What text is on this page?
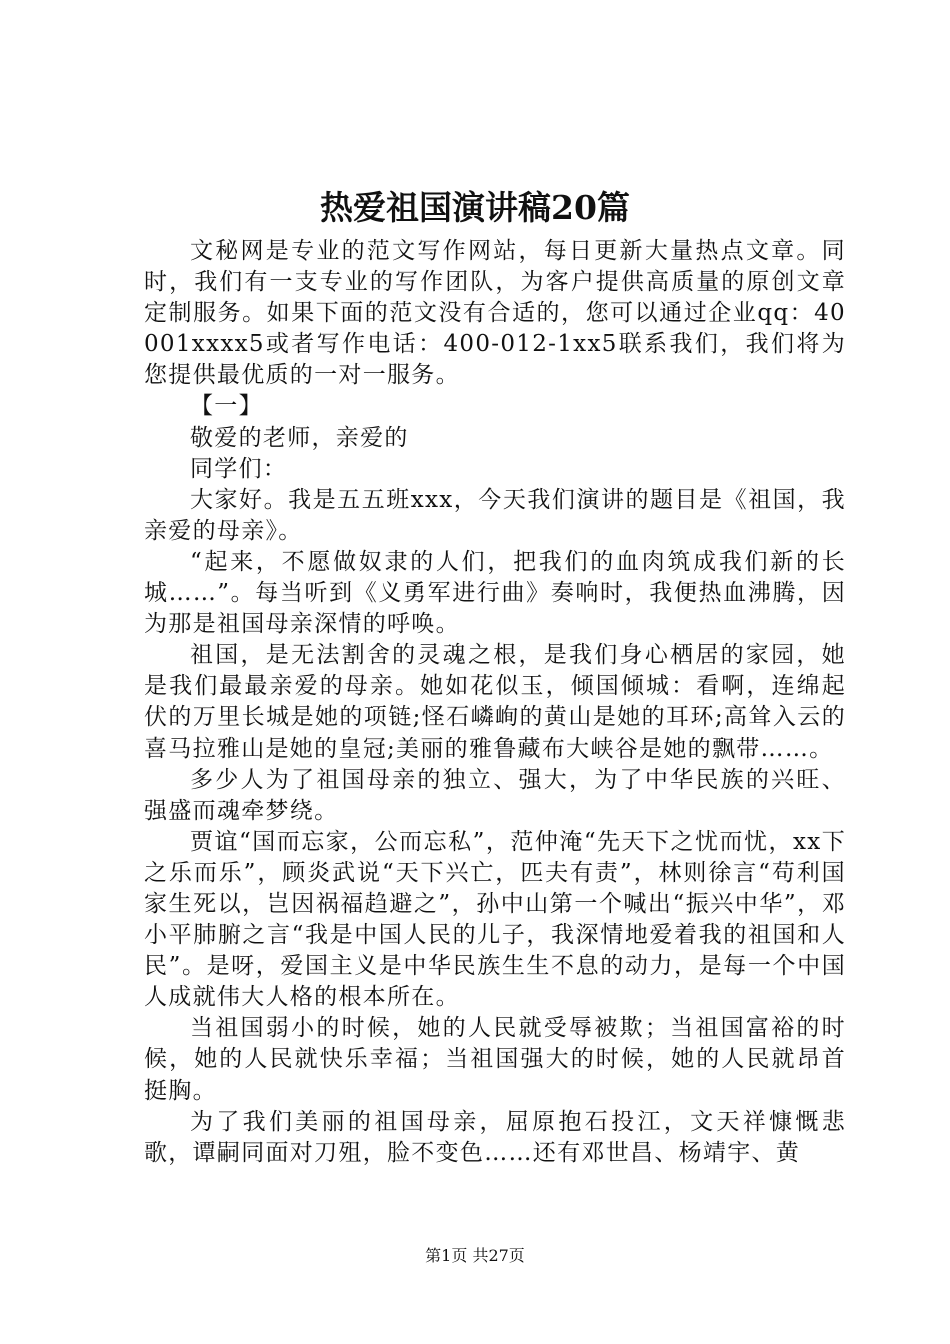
热爱祖国演讲稿20篇

文秘网是专业的范文写作网站，每日更新大量热点文章。同时，我们有一支专业的写作团队，为客户提供高质量的原创文章定制服务。如果下面的范文没有合适的，您可以通过企业qq：40001xxxx5或者写作电话：400-012-1xx5联系我们，我们将为您提供最优质的一对一服务。

【一】

敬爱的老师，亲爱的

同学们：

大家好。我是五五班xxx，今天我们演讲的题目是《祖国，我亲爱的母亲》。

“起来，不愿做奴隶的人们，把我们的血肉筑成我们新的长城……”。每当听到《义勇军进行曲》奏响时，我便热血沸腾，因为那是祖国母亲深情的呼唤。

祖国，是无法割舍的灵魂之根，是我们身心栖居的家园，她是我们最最亲爱的母亲。她如花似玉，倾国倾城：看啊，连绵起伏的万里长城是她的项链;怪石嶙峋的黄山是她的耳环;高耸入云的喜马拉雅山是她的皇冠;美丽的雅鲁藏布大峡谷是她的飘带……。

多少人为了祖国母亲的独立、强大，为了中华民族的兴旺、强盛而魂牵梦绕。

贾谊“国而忘家，公而忘私”，范仲淹“先天下之忧而忧，xx下之乐而乐”，顾炎武说“天下兴亡，匹夫有责”，林则徐言“苟利国家生死以，岂因祸福趋避之”，孙中山第一个喊出“振兴中华”，邓小平肺腑之言“我是中国人民的儿子，我深情地爱着我的祖国和人民”。是呀，爱国主义是中华民族生生不息的动力，是每一个中国人成就伟大人格的根本所在。

当祖国弱小的时候，她的人民就受辱被欺；当祖国富裕的时候，她的人民就快乐幸福；当祖国强大的时候，她的人民就昂首挺胸。

为了我们美丽的祖国母亲，屈原抱石投江，文天祥慷慨悲歌，谭嗣同面对刀殂，脸不变色……还有邓世昌、杨靖宇、黄

第1页 共27页
